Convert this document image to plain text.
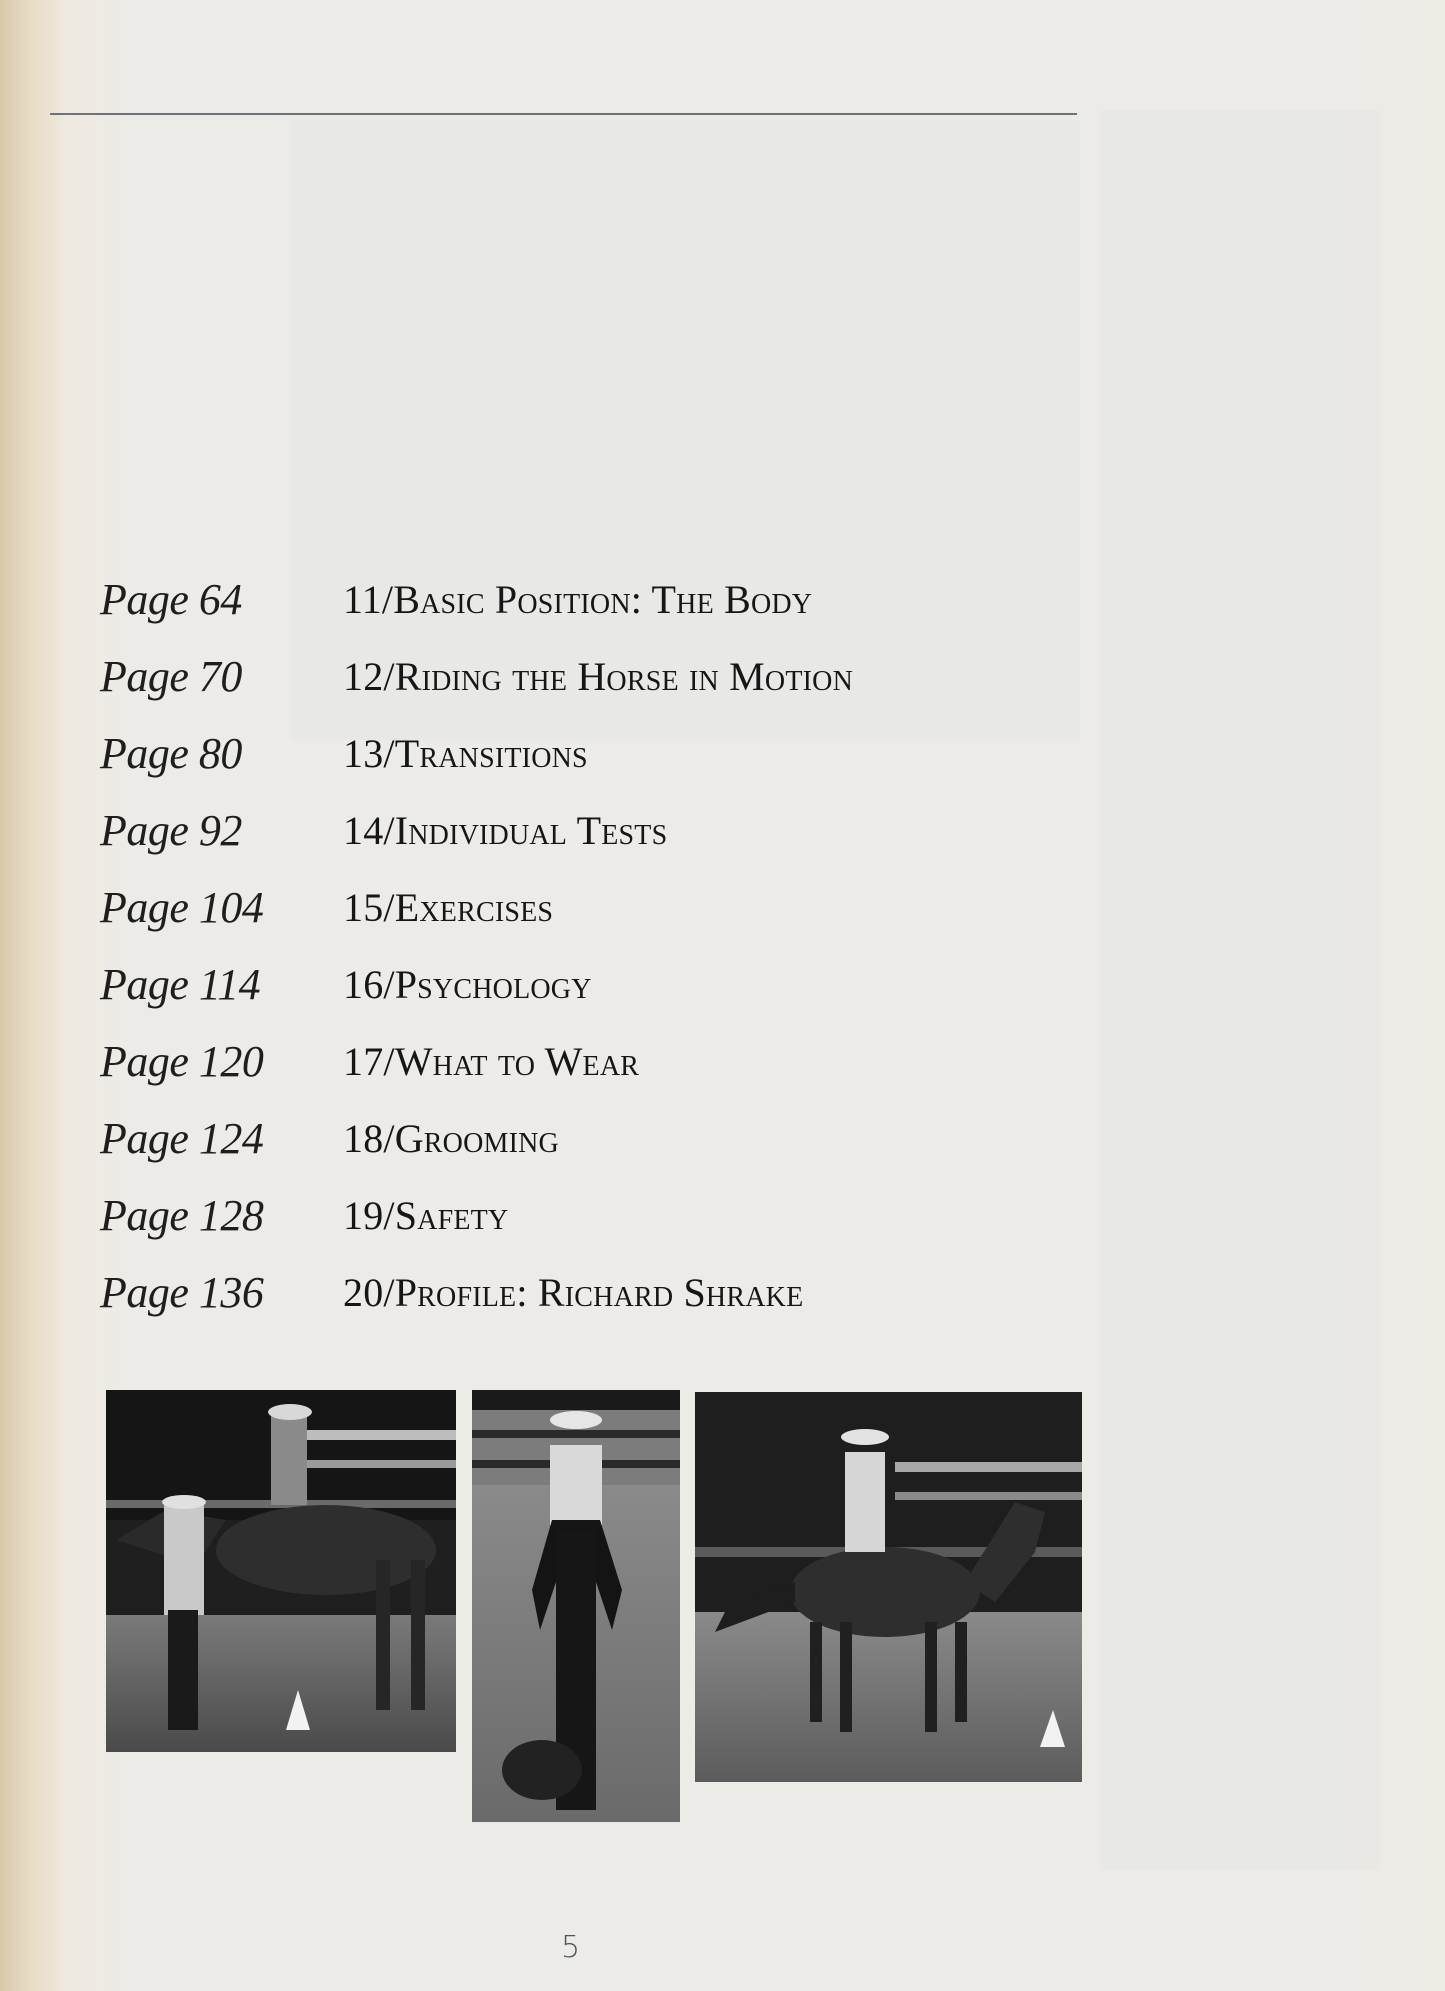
Page 64	11/Basic Position: The Body
Page 70	12/Riding the Horse in Motion
Page 80	13/Transitions
Page 92	14/Individual Tests
Page 104 15/Exercises
Page 114 16/Psychology
Page 120 17/What to Wear
Page 124 18/Grooming
Page 128 19/Safety
Page 136 20/Profile: Richard Shrake
5
